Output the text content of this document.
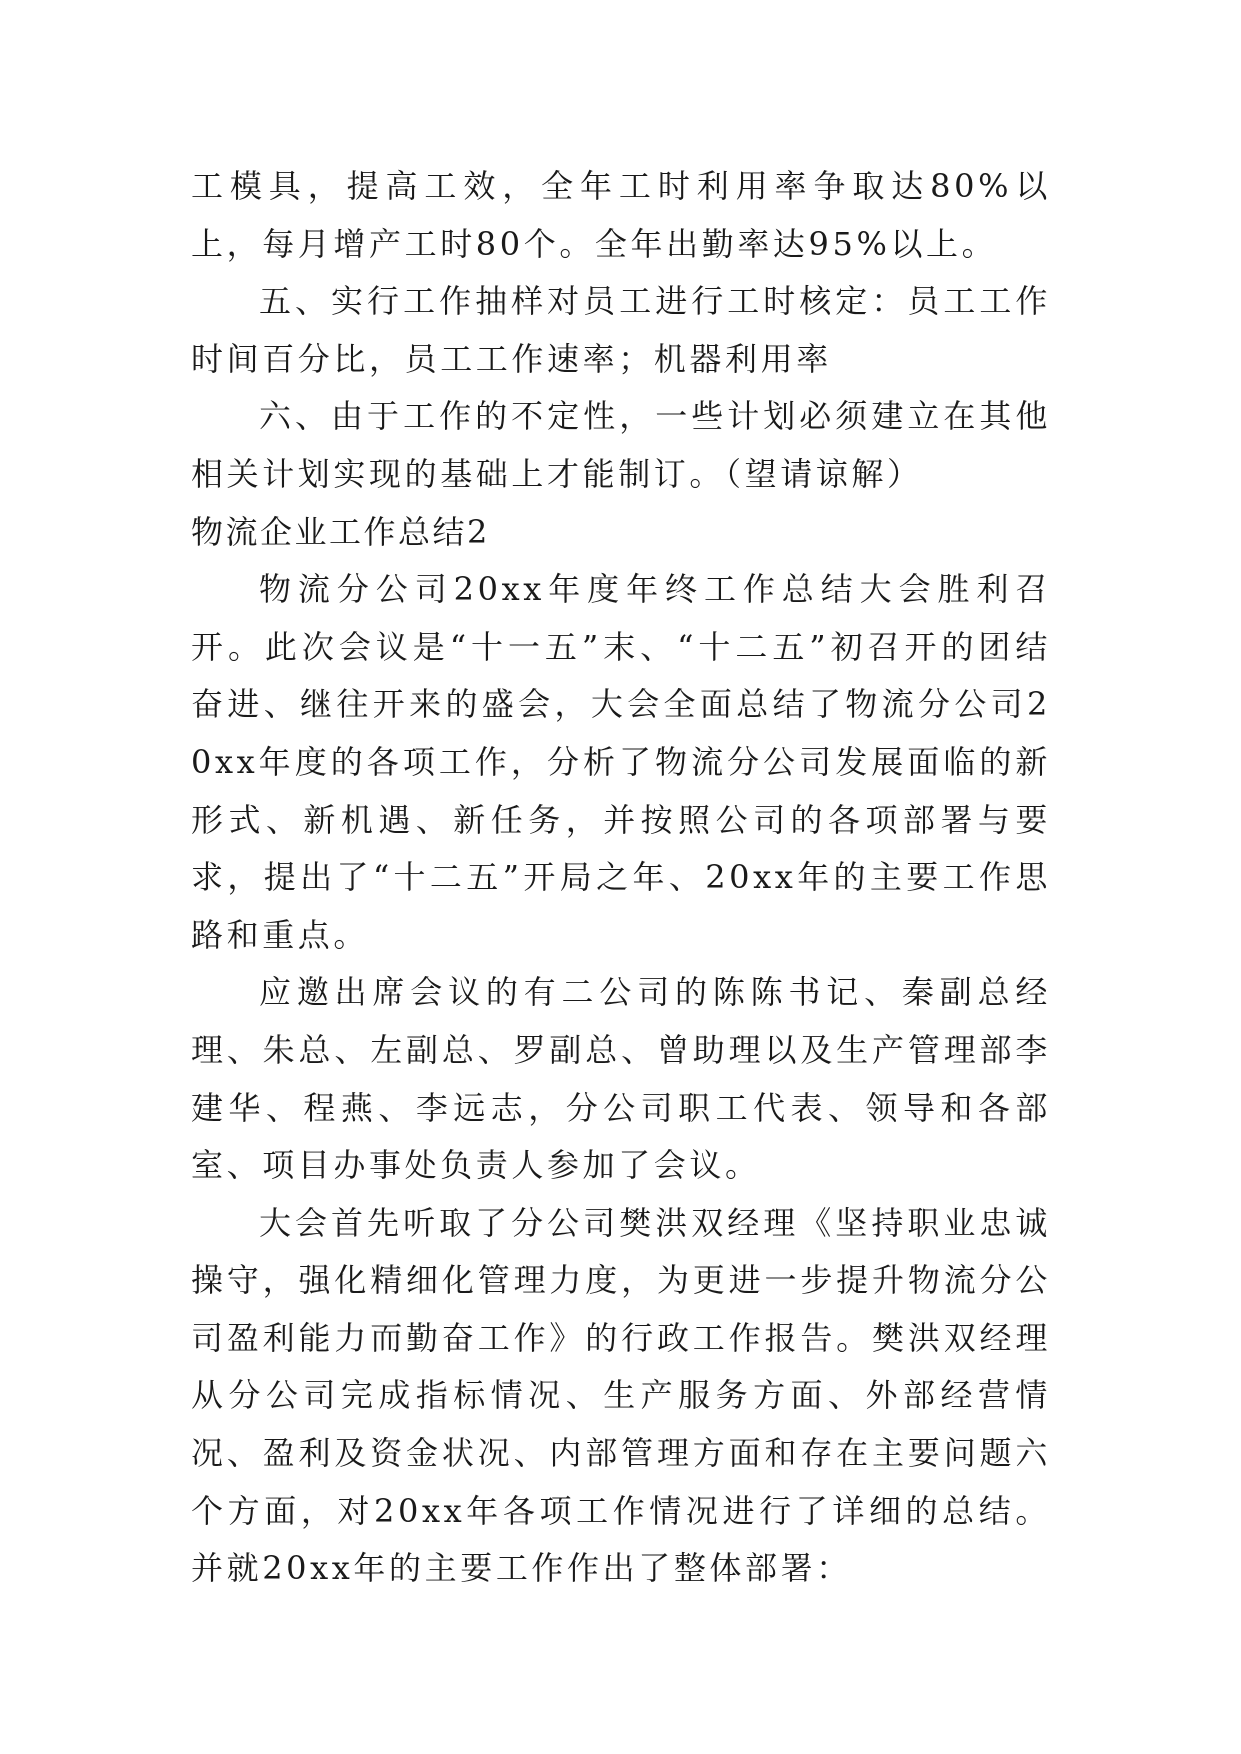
工模具，提高工效，全年工时利用率争取达80%以上，每月增产工时80个。全年出勤率达95%以上。

五、实行工作抽样对员工进行工时核定：员工工作时间百分比，员工工作速率；机器利用率

六、由于工作的不定性，一些计划必须建立在其他相关计划实现的基础上才能制订。（望请谅解）

物流企业工作总结2

物流分公司20xx年度年终工作总结大会胜利召开。此次会议是“十一五”末、“十二五”初召开的团结奋进、继往开来的盛会，大会全面总结了物流分公司20xx年度的各项工作，分析了物流分公司发展面临的新形式、新机遇、新任务，并按照公司的各项部署与要求，提出了“十二五”开局之年、20xx年的主要工作思路和重点。

应邀出席会议的有二公司的陈陈书记、秦副总经理、朱总、左副总、罗副总、曾助理以及生产管理部李建华、程燕、李远志，分公司职工代表、领导和各部室、项目办事处负责人参加了会议。

大会首先听取了分公司樊洪双经理《坚持职业忠诚操守，强化精细化管理力度，为更进一步提升物流分公司盈利能力而勤奋工作》的行政工作报告。樊洪双经理从分公司完成指标情况、生产服务方面、外部经营情况、盈利及资金状况、内部管理方面和存在主要问题六个方面，对20xx年各项工作情况进行了详细的总结。并就20xx年的主要工作作出了整体部署：
